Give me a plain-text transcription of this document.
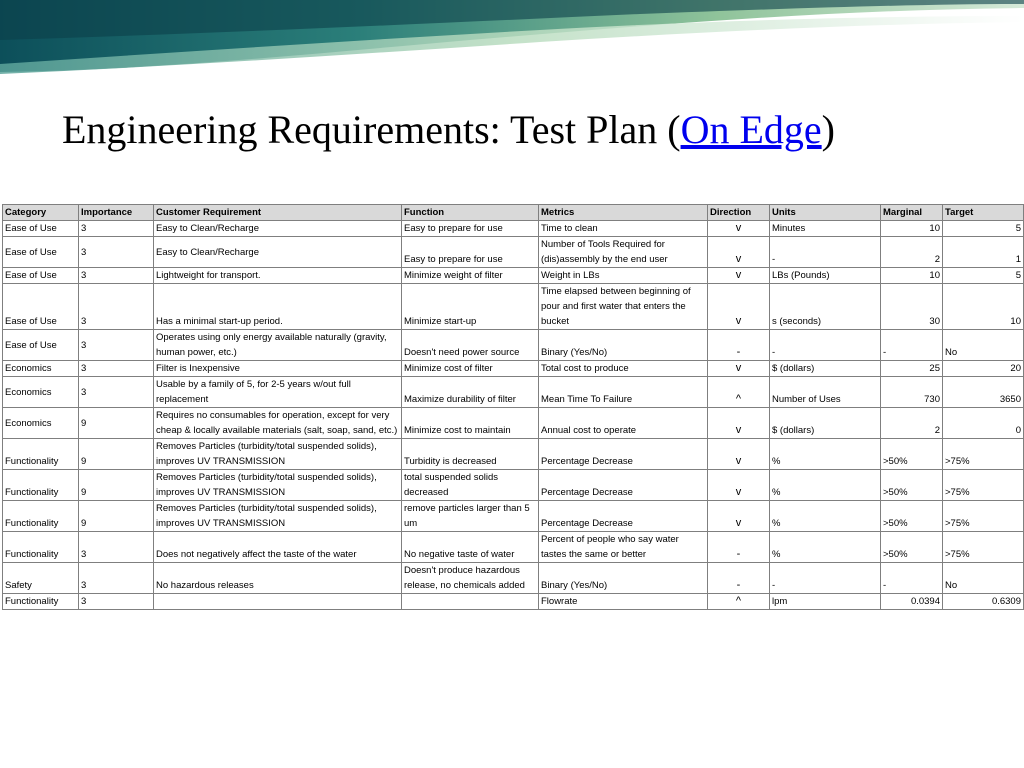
Engineering Requirements: Test Plan (On Edge)
Category	Importance	Customer Requirement	Function	Metrics	Direction	Units	Marginal	Target
Ease of Use	3	Easy to Clean/Recharge	Easy to prepare for use	Time to clean	v	Minutes	10	5
Ease of Use	3	Easy to Clean/Recharge	Easy to prepare for use	Number of Tools Required for (dis)assembly by the end user	v	-	2	1
Ease of Use	3	Lightweight for transport.	Minimize weight of filter	Weight in LBs	v	LBs (Pounds)	10	5
Ease of Use	3	Has a minimal start-up period.	Minimize start-up	Time elapsed between beginning of pour and first water that enters the bucket	v	s (seconds)	30	10
Ease of Use	3	Operates using only energy available naturally (gravity, human power, etc.)	Doesn't need power source	Binary (Yes/No)	-	-	-	No
Economics	3	Filter is Inexpensive	Minimize cost of filter	Total cost to produce	v	$ (dollars)	25	20
Economics	3	Usable by a family of 5, for 2-5 years w/out full replacement	Maximize durability of filter	Mean Time To Failure	^	Number of Uses	730	3650
Economics	9	Requires no consumables for operation, except for very cheap & locally available materials (salt, soap, sand, etc.)	Minimize cost to maintain	Annual cost to operate	v	$ (dollars)	2	0
Functionality	9	Removes Particles (turbidity/total suspended solids), improves UV TRANSMISSION	Turbidity is decreased	Percentage Decrease	v	%	>50%	>75%
Functionality	9	Removes Particles (turbidity/total suspended solids), improves UV TRANSMISSION	total suspended solids decreased	Percentage Decrease	v	%	>50%	>75%
Functionality	9	Removes Particles (turbidity/total suspended solids), improves UV TRANSMISSION	remove particles larger than 5 um	Percentage Decrease	v	%	>50%	>75%
Functionality	3	Does not negatively affect the taste of the water	No negative taste of water	Percent of people who say water tastes the same or better	-	%	>50%	>75%
Safety	3	No hazardous releases	Doesn't produce hazardous release, no chemicals added	Binary (Yes/No)	-	-	-	No
Functionality	3			Flowrate	^	lpm	0.0394	0.6309
